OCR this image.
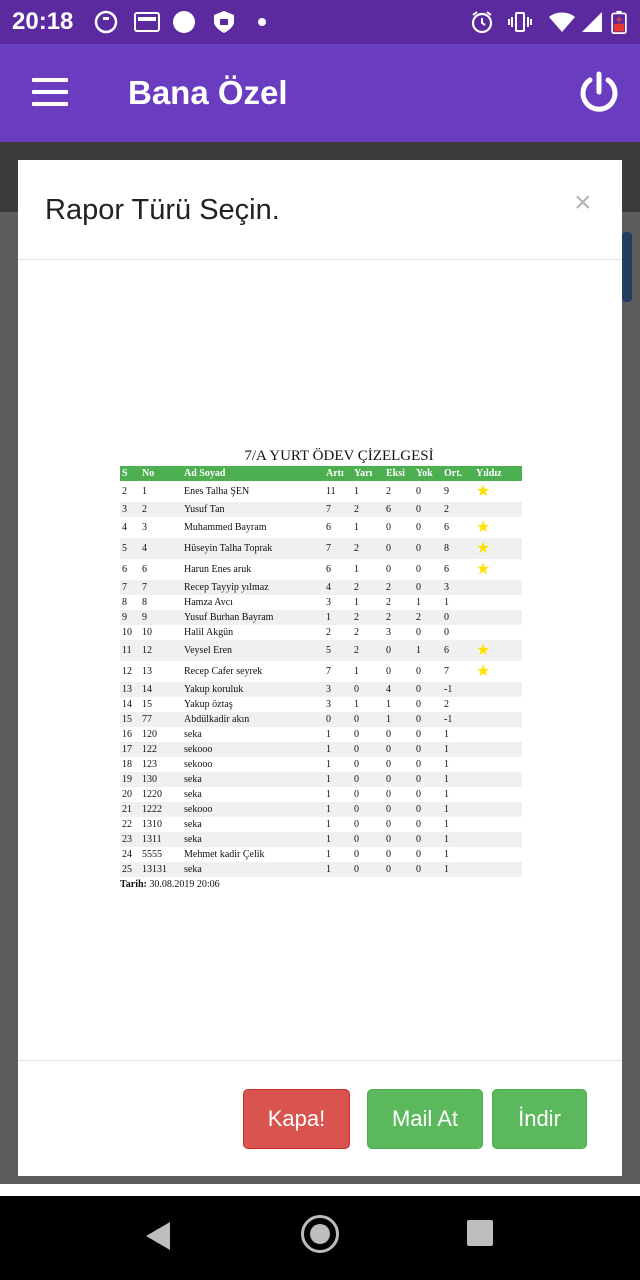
20:18
Bana Özel
Rapor Türü Seçin.	×
7/A YURT ÖDEV ÇİZELGESİ
S	No	Ad Soyad	Artı	Yarı	Eksi	Yok	Ort.	Yıldız
2	1	Enes Talha ŞEN	11	1	2	0	9	★
3	2	Yusuf Tan	7	2	6	0	2	
4	3	Muhammed Bayram	6	1	0	0	6	★
5	4	Hüseyin Talha Toprak	7	2	0	0	8	★
6	6	Harun Enes aruk	6	1	0	0	6	★
7	7	Recep Tayyip yılmaz	4	2	2	0	3	
8	8	Hamza Avcı	3	1	2	1	1	
9	9	Yusuf Burhan Bayram	1	2	2	2	0	
10	10	Halil Akgün	2	2	3	0	0	
11	12	Veysel Eren	5	2	0	1	6	★
12	13	Recep Cafer seyrek	7	1	0	0	7	★
13	14	Yakup koruluk	3	0	4	0	-1	
14	15	Yakup öztaş	3	1	1	0	2	
15	77	Abdülkadir akın	0	0	1	0	-1	
16	120	seka	1	0	0	0	1	
17	122	sekooo	1	0	0	0	1	
18	123	sekooo	1	0	0	0	1	
19	130	seka	1	0	0	0	1	
20	1220	seka	1	0	0	0	1	
21	1222	sekooo	1	0	0	0	1	
22	1310	seka	1	0	0	0	1	
23	1311	seka	1	0	0	0	1	
24	5555	Mehmet kadir Çelik	1	0	0	0	1	
25	13131	seka	1	0	0	0	1	
Tarih: 30.08.2019 20:06
Kapa!	Mail At	İndir
